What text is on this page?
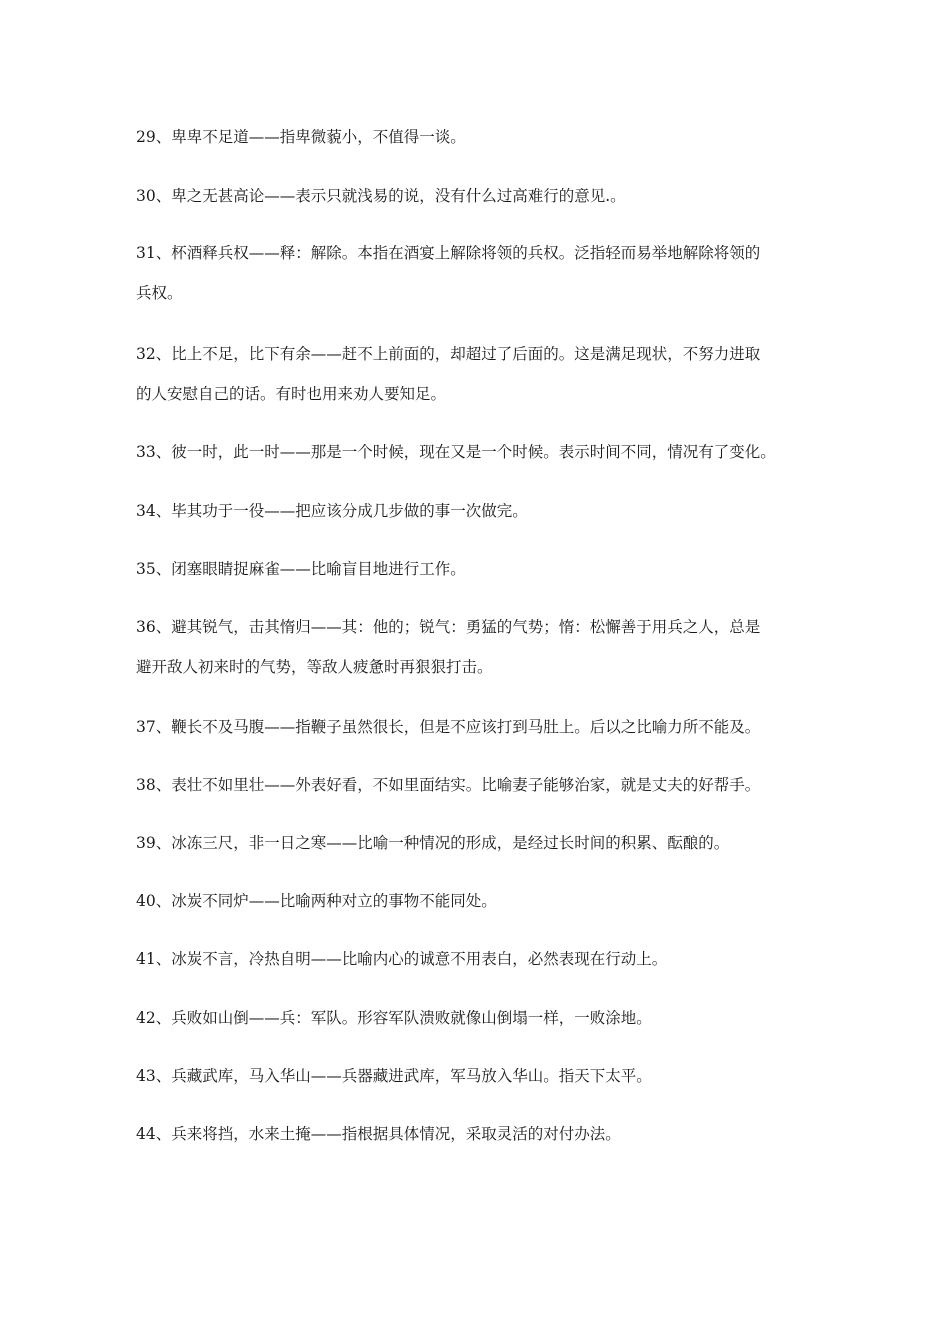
29、卑卑不足道——指卑微藐小，不值得一谈。

30、卑之无甚高论——表示只就浅易的说，没有什么过高难行的意见.。

31、杯酒释兵权——释：解除。本指在酒宴上解除将领的兵权。泛指轻而易举地解除将领的
兵权。

32、比上不足，比下有余——赶不上前面的，却超过了后面的。这是满足现状，不努力进取
的人安慰自己的话。有时也用来劝人要知足。

33、彼一时，此一时——那是一个时候，现在又是一个时候。表示时间不同，情况有了变化。

34、毕其功于一役——把应该分成几步做的事一次做完。

35、闭塞眼睛捉麻雀——比喻盲目地进行工作。

36、避其锐气，击其惰归——其：他的；锐气：勇猛的气势；惰：松懈善于用兵之人，总是
避开敌人初来时的气势，等敌人疲惫时再狠狠打击。

37、鞭长不及马腹——指鞭子虽然很长，但是不应该打到马肚上。后以之比喻力所不能及。

38、表壮不如里壮——外表好看，不如里面结实。比喻妻子能够治家，就是丈夫的好帮手。

39、冰冻三尺，非一日之寒——比喻一种情况的形成，是经过长时间的积累、酝酿的。

40、冰炭不同炉——比喻两种对立的事物不能同处。

41、冰炭不言，冷热自明——比喻内心的诚意不用表白，必然表现在行动上。

42、兵败如山倒——兵：军队。形容军队溃败就像山倒塌一样，一败涂地。

43、兵藏武库，马入华山——兵器藏进武库，军马放入华山。指天下太平。

44、兵来将挡，水来土掩——指根据具体情况，采取灵活的对付办法。
